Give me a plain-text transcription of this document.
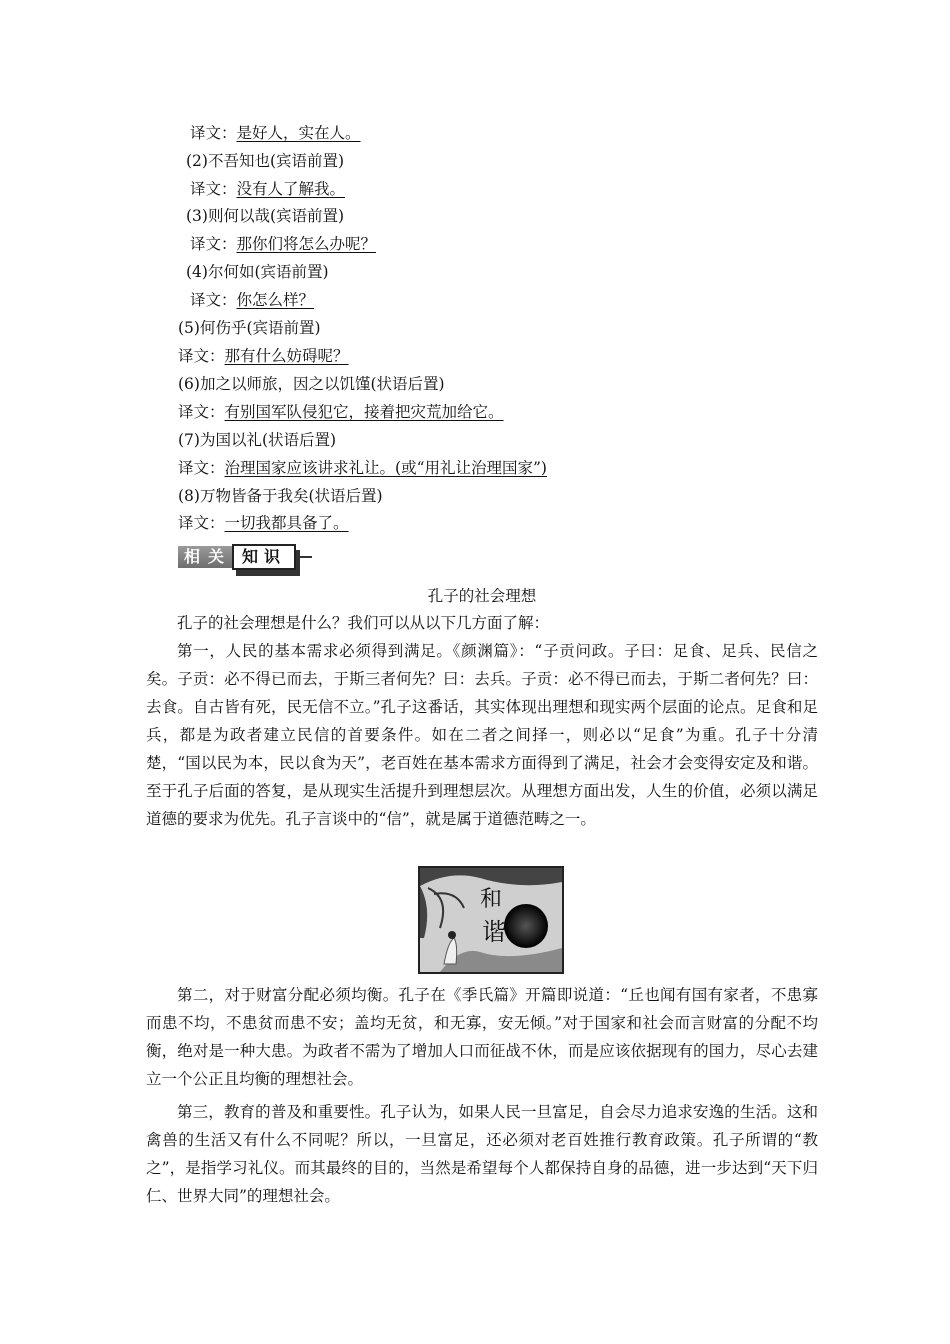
译文：是好人，实在人。
(2)不吾知也(宾语前置)
译文：没有人了解我。
(3)则何以哉(宾语前置)
译文：那你们将怎么办呢？
(4)尔何如(宾语前置)
译文：你怎么样？
(5)何伤乎(宾语前置)
译文：那有什么妨碍呢？
(6)加之以师旅，因之以饥馑(状语后置)
译文：有别国军队侵犯它，接着把灾荒加给它。
(7)为国以礼(状语后置)
译文：治理国家应该讲求礼让。(或“用礼让治理国家”)
(8)万物皆备于我矣(状语后置)
译文：一切我都具备了。
相关 知识
孔子的社会理想
孔子的社会理想是什么？我们可以从以下几方面了解：
第一，人民的基本需求必须得到满足。《颜渊篇》：“子贡问政。子曰：足食、足兵、民信之矣。子贡：必不得已而去，于斯三者何先？曰：去兵。子贡：必不得已而去，于斯二者何先？曰：去食。自古皆有死，民无信不立。”孔子这番话，其实体现出理想和现实两个层面的论点。足食和足兵，都是为政者建立民信的首要条件。如在二者之间择一，则必以“足食”为重。孔子十分清楚，“国以民为本，民以食为天”，老百姓在基本需求方面得到了满足，社会才会变得安定及和谐。至于孔子后面的答复，是从现实生活提升到理想层次。从理想方面出发，人生的价值，必须以满足道德的要求为优先。孔子言谈中的“信”，就是属于道德范畴之一。
和
谐
第二，对于财富分配必须均衡。孔子在《季氏篇》开篇即说道：“丘也闻有国有家者，不患寡而患不均，不患贫而患不安；盖均无贫，和无寡，安无倾。”对于国家和社会而言财富的分配不均衡，绝对是一种大患。为政者不需为了增加人口而征战不休，而是应该依据现有的国力，尽心去建立一个公正且均衡的理想社会。
第三，教育的普及和重要性。孔子认为，如果人民一旦富足，自会尽力追求安逸的生活。这和禽兽的生活又有什么不同呢？所以，一旦富足，还必须对老百姓推行教育政策。孔子所谓的“教之”，是指学习礼仪。而其最终的目的，当然是希望每个人都保持自身的品德，进一步达到“天下归仁、世界大同”的理想社会。
